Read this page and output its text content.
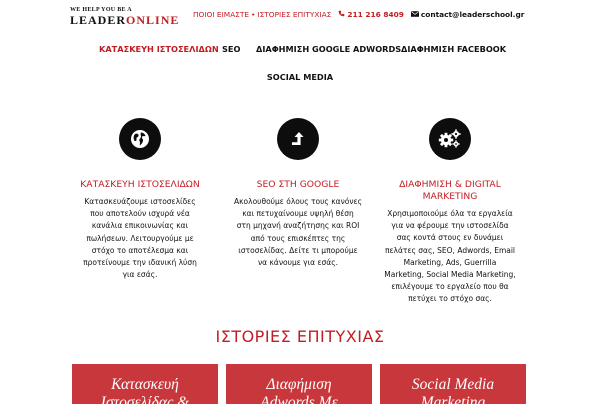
WE HELP YOU BE A
LEADERONLINE	ΠΟΙΟΙ ΕΙΜΑΣΤΕ • ΙΣΤΟΡΙΕΣ ΕΠΙΤΥΧΙΑΣ 211 216 8409 contact@leaderschool.gr
ΚΑΤΑΣΚΕΥΗ ΙΣΤΟΣΕΛΙΔΩΝ SEO ΔΙΑΦΗΜΙΣΗ GOOGLE ADWORDS ΔΙΑΦΗΜΙΣΗ FACEBOOK
SOCIAL MEDIA
ΚΑΤΑΣΚΕΥΗ ΙΣΤΟΣΕΛΙΔΩΝ
Κατασκευάζουμε ιστοσελίδες
που αποτελούν ισχυρά νέα
κανάλια επικοινωνίας και
πωλήσεων. Λειτουργούμε με
στόχο το αποτέλεσμα και
προτείνουμε την ιδανική λύση
για εσάς.
SEO ΣΤΗ GOOGLE
Ακολουθούμε όλους τους κανόνες
και πετυχαίνουμε υψηλή θέση
στη μηχανή αναζήτησης και ROI
από τους επισκέπτες της
ιστοσελίδας. Δείτε τι μπορούμε
να κάνουμε για εσάς.
ΔΙΑΦΗΜΙΣΗ & DIGITAL
MARKETING
Χρησιμοποιούμε όλα τα εργαλεία
για να φέρουμε την ιστοσελίδα
σας κοντά στους εν δυνάμει
πελάτες σας, SEO, Adwords, Email
Marketing, Ads, Guerrilla
Marketing, Social Media Marketing,
επιλέγουμε το εργαλείο που θα
πετύχει το στόχο σας.
ΙΣΤΟΡΙΕΣ ΕΠΙΤΥΧΙΑΣ
Κατασκευή
Ιστοσελίδας &
Διαφήμιση
Adwords Με
Social Media
Marketing
